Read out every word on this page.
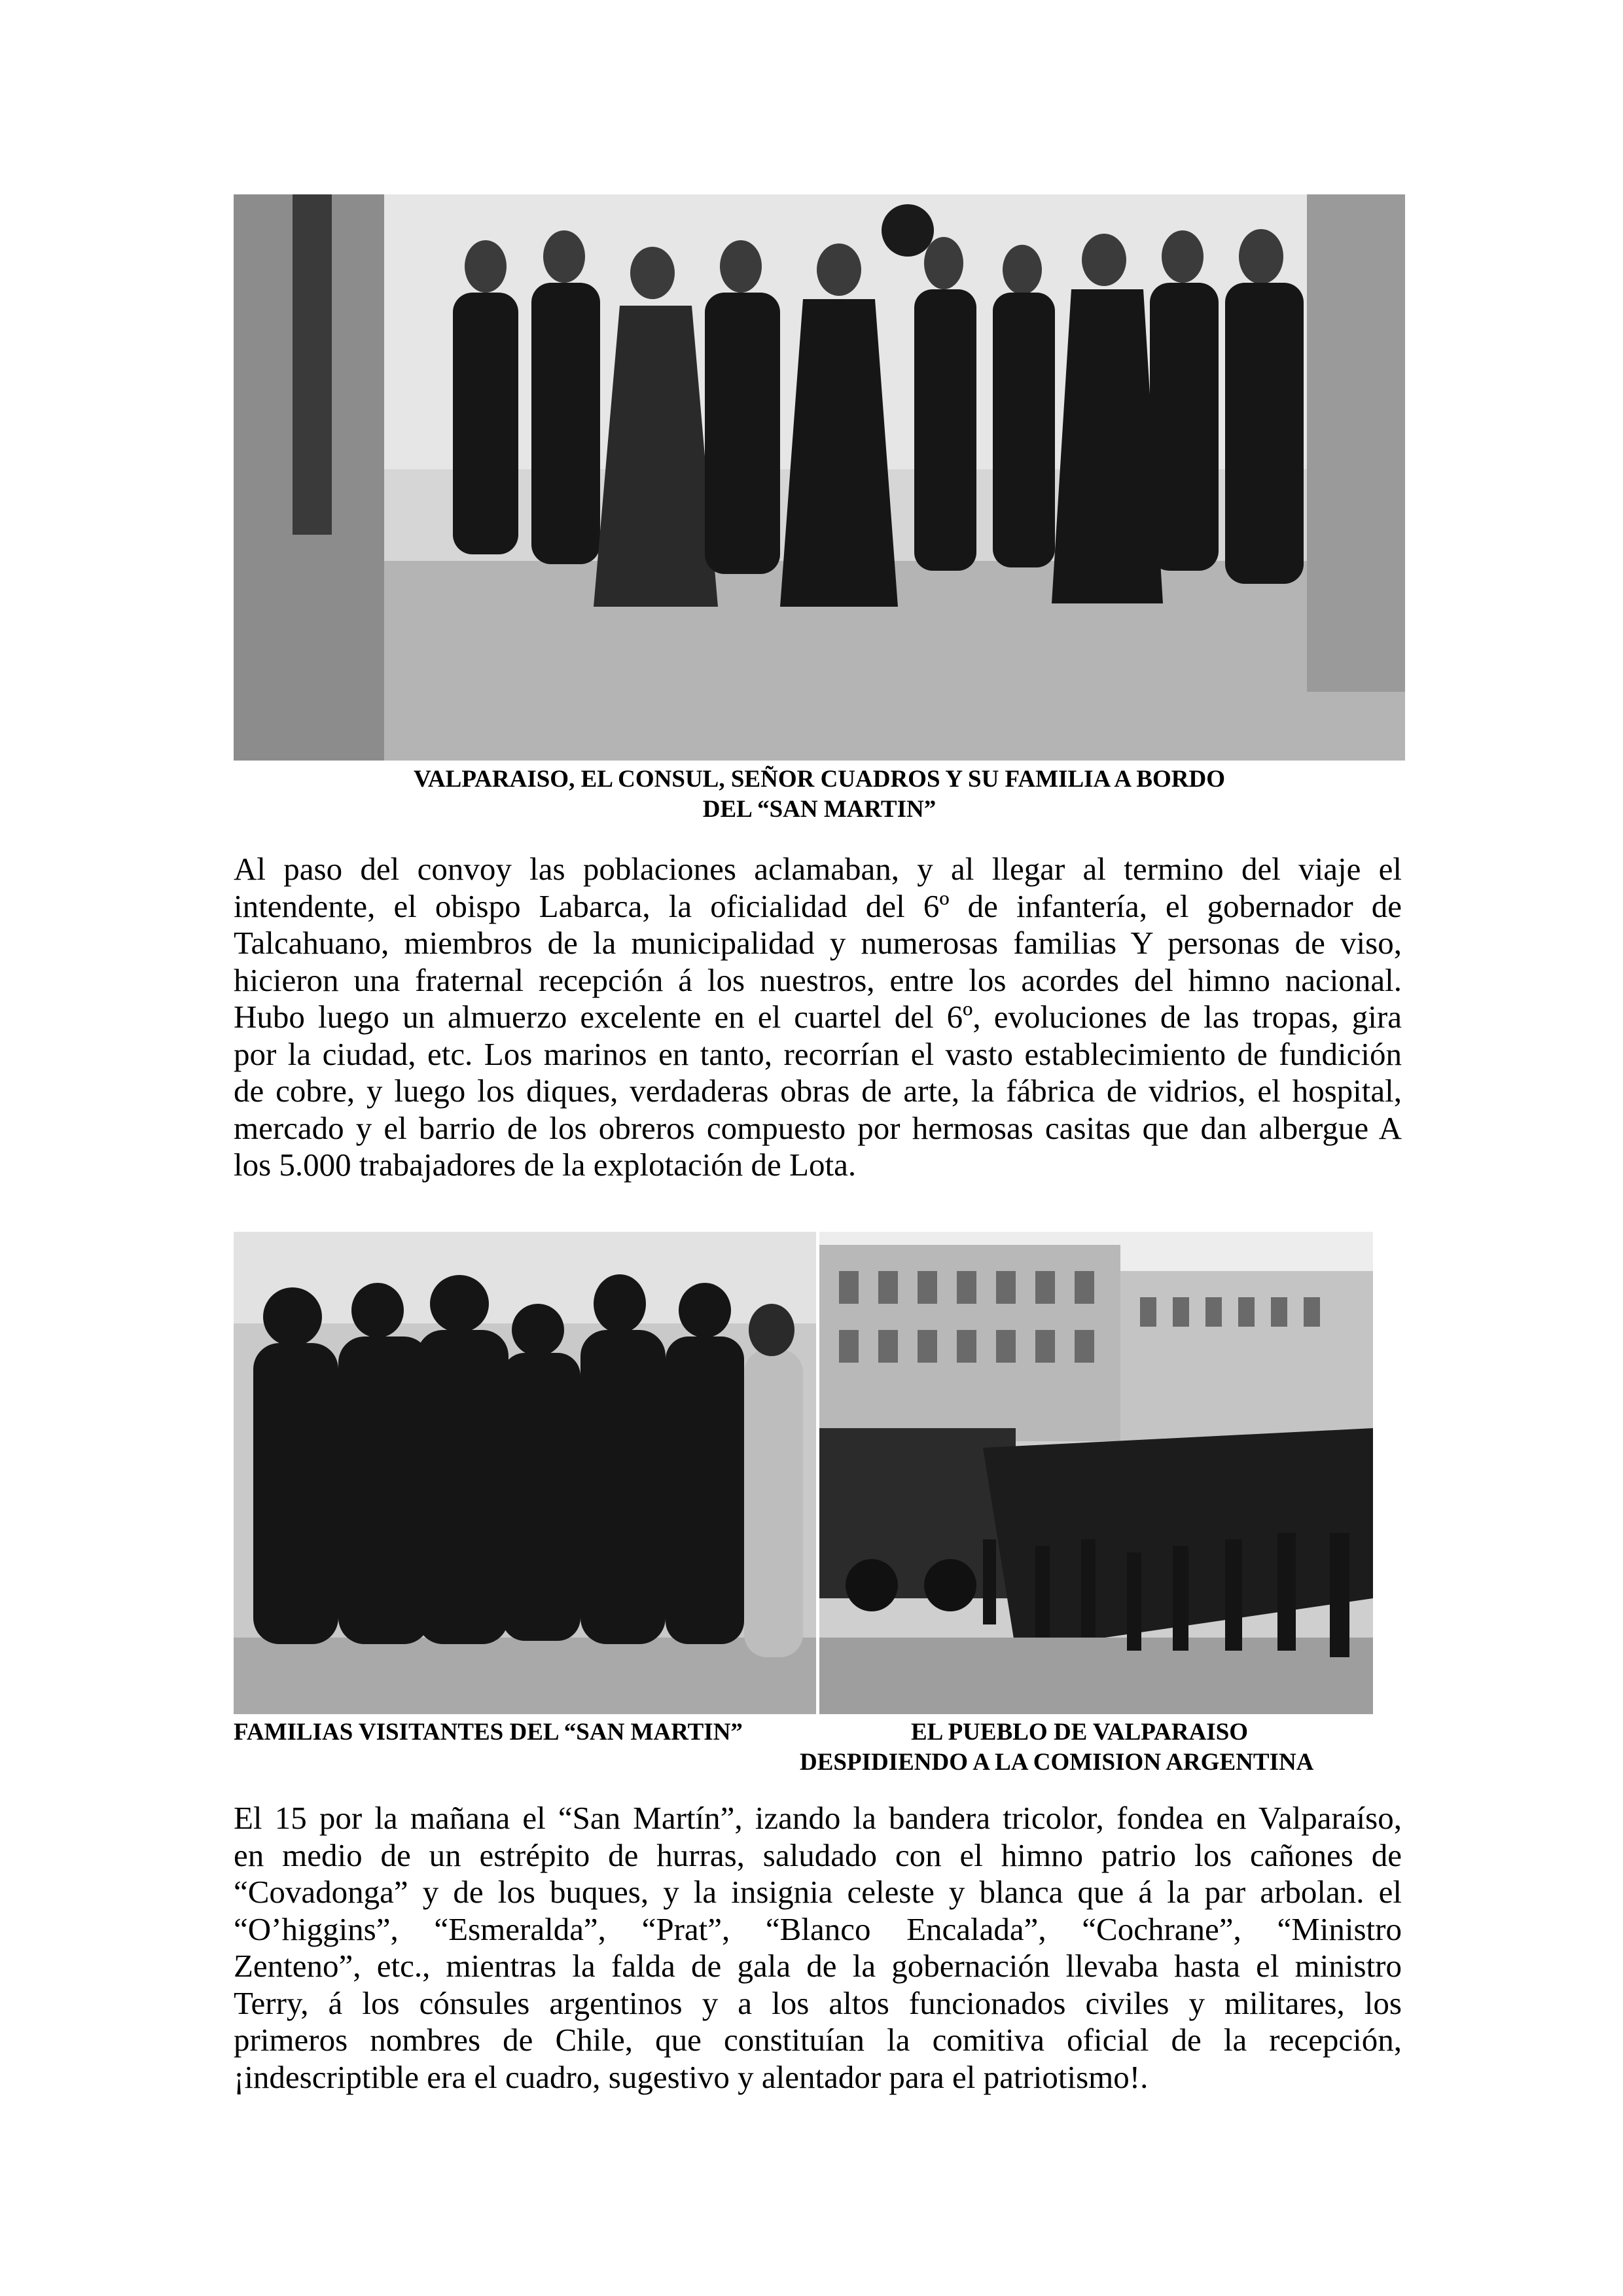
VALPARAISO, EL CONSUL, SEÑOR CUADROS Y SU FAMILIA A BORDO
DEL “SAN MARTIN”
Al paso del convoy las poblaciones aclamaban, y al llegar al termino del viaje el
intendente, el obispo Labarca, la oficialidad del 6º de infantería, el gobernador de
Talcahuano, miembros de la municipalidad y numerosas familias Y personas de viso,
hicieron una fraternal recepción á los nuestros, entre los acordes del himno nacional.
Hubo luego un almuerzo excelente en el cuartel del 6º, evoluciones de las tropas, gira
por la ciudad, etc. Los marinos en tanto, recorrían el vasto establecimiento de fundición
de cobre, y luego los diques, verdaderas obras de arte, la fábrica de vidrios, el hospital,
mercado y el barrio de los obreros compuesto por hermosas casitas que dan albergue A
los 5.000 trabajadores de la explotación de Lota.
FAMILIAS VISITANTES DEL “SAN MARTIN”	EL PUEBLO DE VALPARAISO
DESPIDIENDO A LA COMISION ARGENTINA
El 15 por la mañana el “San Martín”, izando la bandera tricolor, fondea en Valparaíso,
en medio de un estrépito de hurras, saludado con el himno patrio los cañones de
“Covadonga” y de los buques, y la insignia celeste y blanca que á la par arbolan. el
“O’higgins”, “Esmeralda”, “Prat”, “Blanco Encalada”, “Cochrane”, “Ministro
Zenteno”, etc., mientras la falda de gala de la gobernación llevaba hasta el ministro
Terry, á los cónsules argentinos y a los altos funcionados civiles y militares, los
primeros nombres de Chile, que constituían la comitiva oficial de la recepción,
¡indescriptible era el cuadro, sugestivo y alentador para el patriotismo!.
